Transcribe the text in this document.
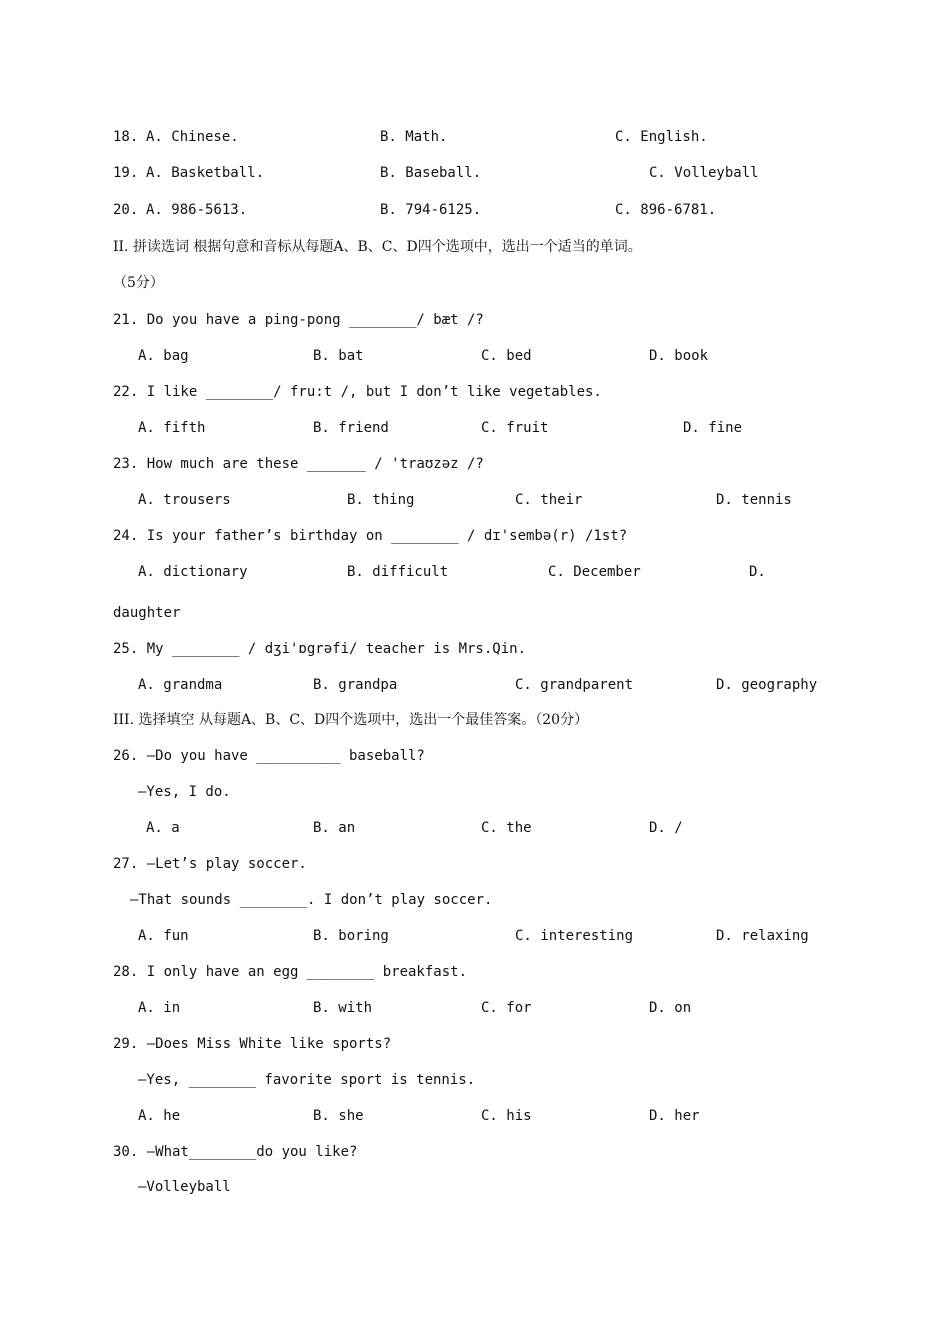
18. A. Chinese.	B. Math.	C. English.
19. A. Basketball.	B. Baseball.	C. Volleyball
20. A. 986-5613.	B. 794-6125.	C. 896-6781.
II. 拼读选词 根据句意和音标从每题A、B、C、D四个选项中，选出一个适当的单词。
（5分）
21. Do you have a ping-pong ________/ bæt /?
A. bag	B. bat	C. bed	D. book
22. I like ________/ fru:t /, but I don’t like vegetables.
A. fifth	B. friend	C. fruit	D. fine
23. How much are these _______ / 'traʊzəz /?
A. trousers	B. thing	C. their	D. tennis
24. Is your father’s birthday on ________ / dɪ'sembə(r) /1st?
A. dictionary	B. difficult	C. December	D.
daughter
25. My ________ / dʒi'ɒgrəfi/ teacher is Mrs.Qin.
A. grandma	B. grandpa	C. grandparent	D. geography
III. 选择填空 从每题A、B、C、D四个选项中，选出一个最佳答案。（20分）
26. –Do you have __________ baseball?
–Yes, I do.
A. a	B. an	C. the	D. /
27. –Let’s play soccer.
–That sounds ________. I don’t play soccer.
A. fun	B. boring	C. interesting	D. relaxing
28. I only have an egg ________ breakfast.
A. in	B. with	C. for	D. on
29. –Does Miss White like sports?
–Yes, ________ favorite sport is tennis.
A. he	B. she	C. his	D. her
30. –What________do you like?
–Volleyball
